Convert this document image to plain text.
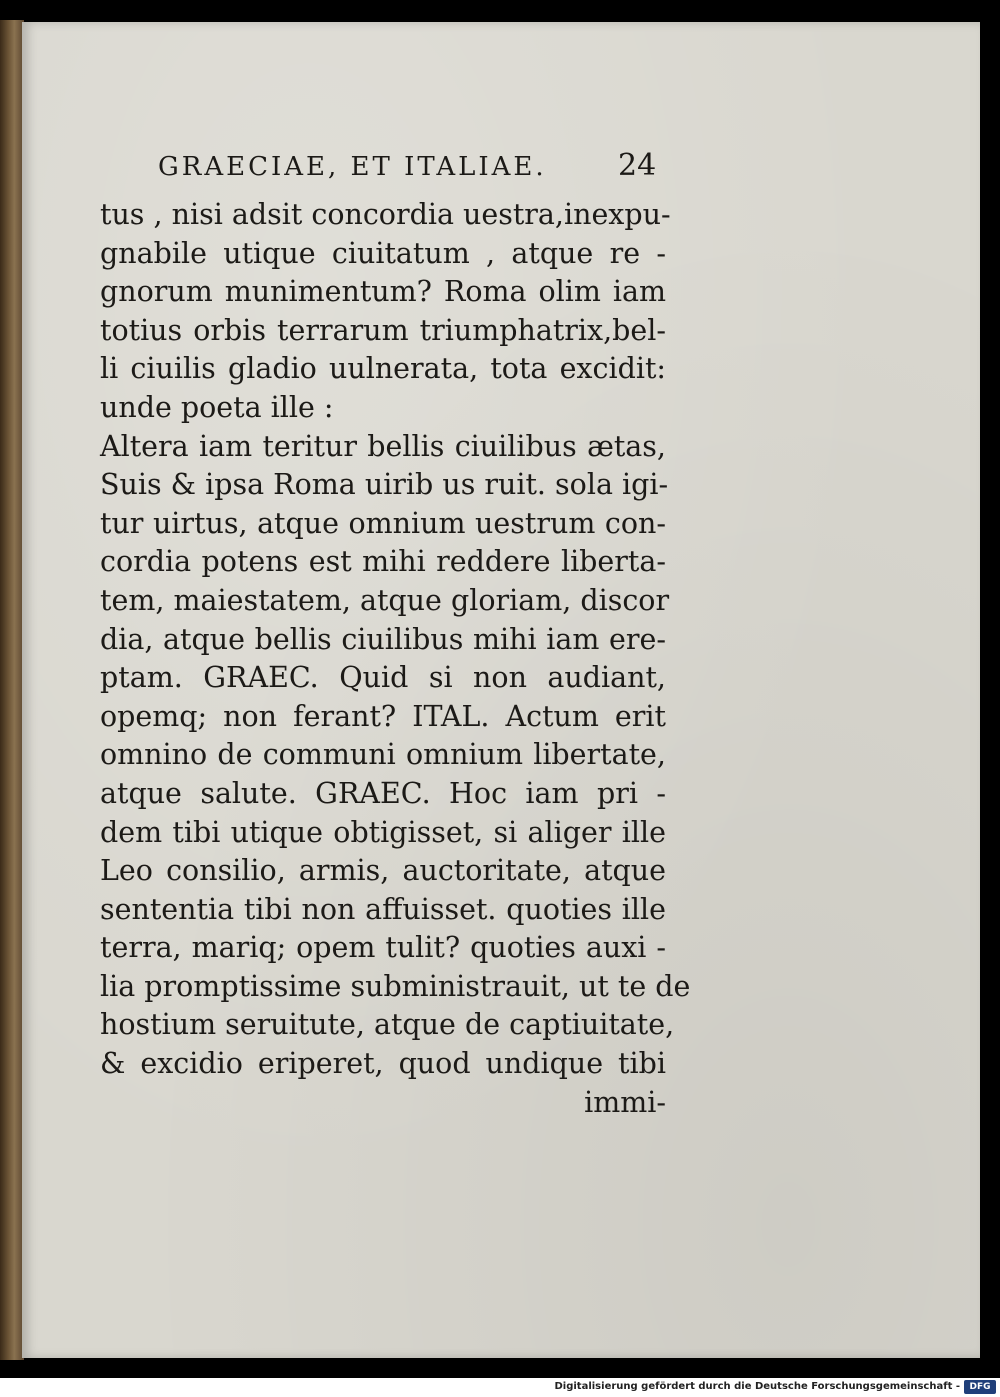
GRAECIAE, ET ITALIAE. 24
tus , nisi adsit concordia uestra,inexpu-
gnabile utique ciuitatum , atque re -
gnorum munimentum? Roma olim iam
totius orbis terrarum triumphatrix,bel-
li ciuilis gladio uulnerata, tota excidit:
unde poeta ille :
Altera iam teritur bellis ciuilibus ætas,
Suis & ipsa Roma uirib us ruit. sola igi-
tur uirtus, atque omnium uestrum con-
cordia potens est mihi reddere liberta-
tem, maiestatem, atque gloriam, discor
dia, atque bellis ciuilibus mihi iam ere-
ptam. GRAEC. Quid si non audiant,
opemq; non ferant? ITAL. Actum erit
omnino de communi omnium libertate,
atque salute. GRAEC. Hoc iam pri -
dem tibi utique obtigisset, si aliger ille
Leo consilio, armis, auctoritate, atque
sententia tibi non affuisset. quoties ille
terra, mariq; opem tulit? quoties auxi -
lia promptissime subministrauit, ut te de
hostium seruitute, atque de captiuitate,
& excidio eriperet, quod undique tibi
immi-
Digitalisierung gefördert durch die Deutsche Forschungsgemeinschaft -	DFG
